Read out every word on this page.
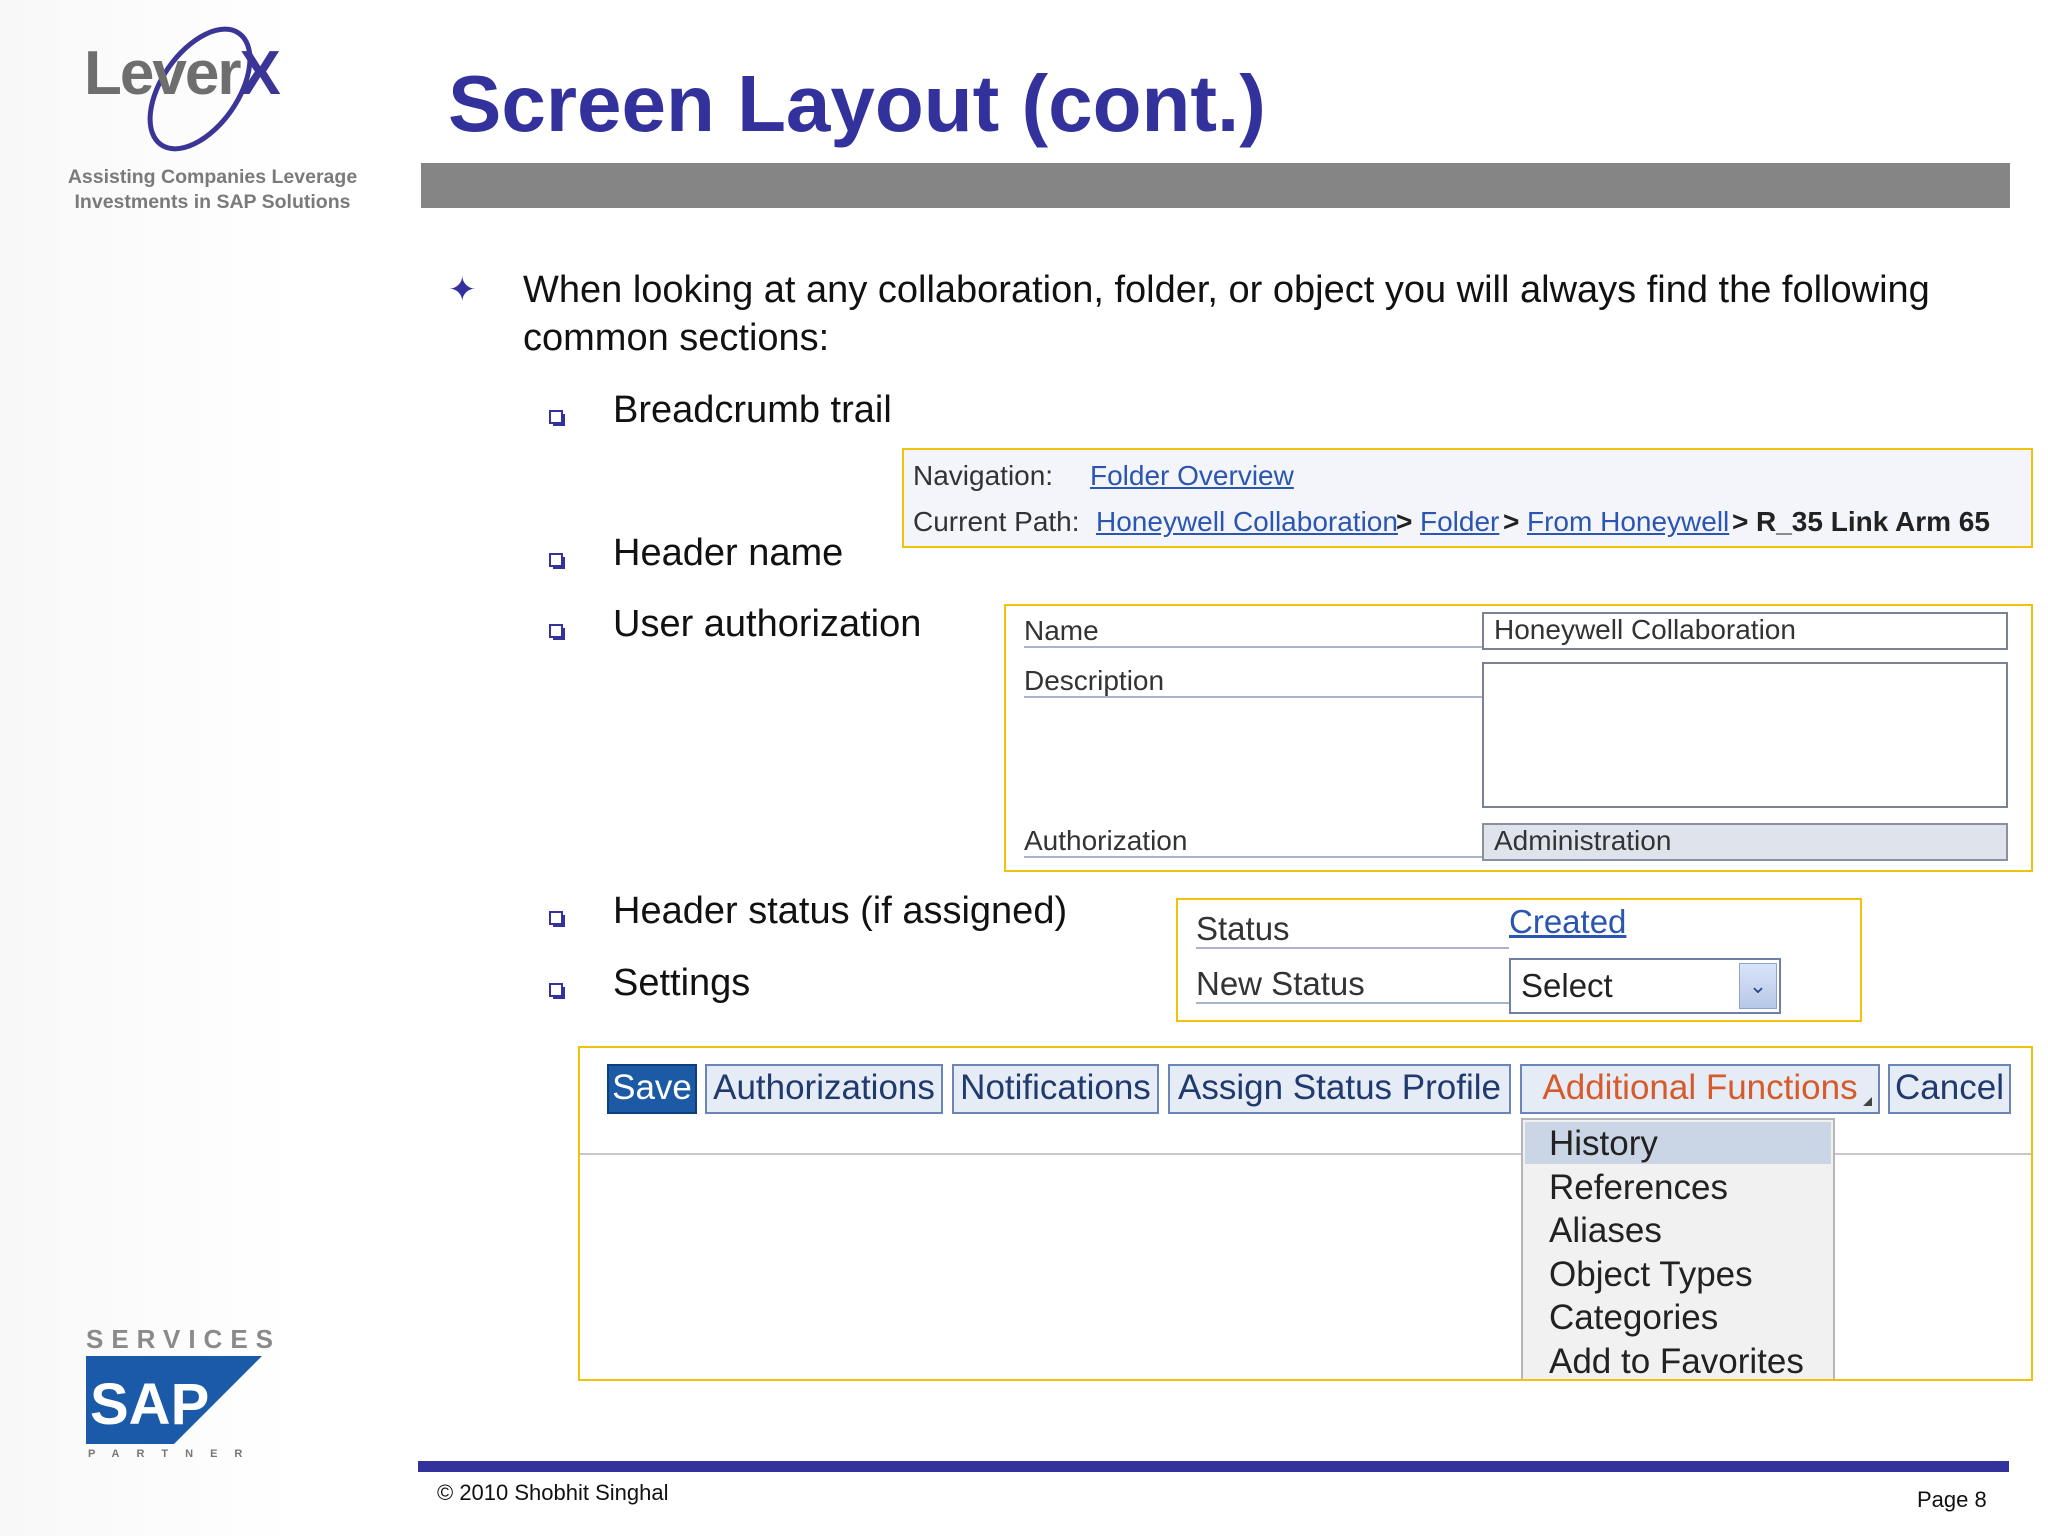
LeverX
Assisting Companies Leverage
Investments in SAP Solutions
Screen Layout (cont.)
✦ When looking at any collaboration, folder, or object you will always find the following common sections:
Breadcrumb trail
Header name
User authorization
Header status (if assigned)
Settings
Navigation: Folder Overview
Current Path: Honeywell Collaboration
> Folder > From Honeywell > R_35 Link Arm 65
Name	Honeywell Collaboration
Description
Authorization	Administration
Status	Created
New Status	Select	⌄
Save Authorizations Notifications Assign Status Profile	Additional Functions	Cancel
History
References
Aliases
Object Types
Categories
Add to Favorites
SERVICES
SAP
PARTNER
© 2010 Shobhit Singhal	Page 8
